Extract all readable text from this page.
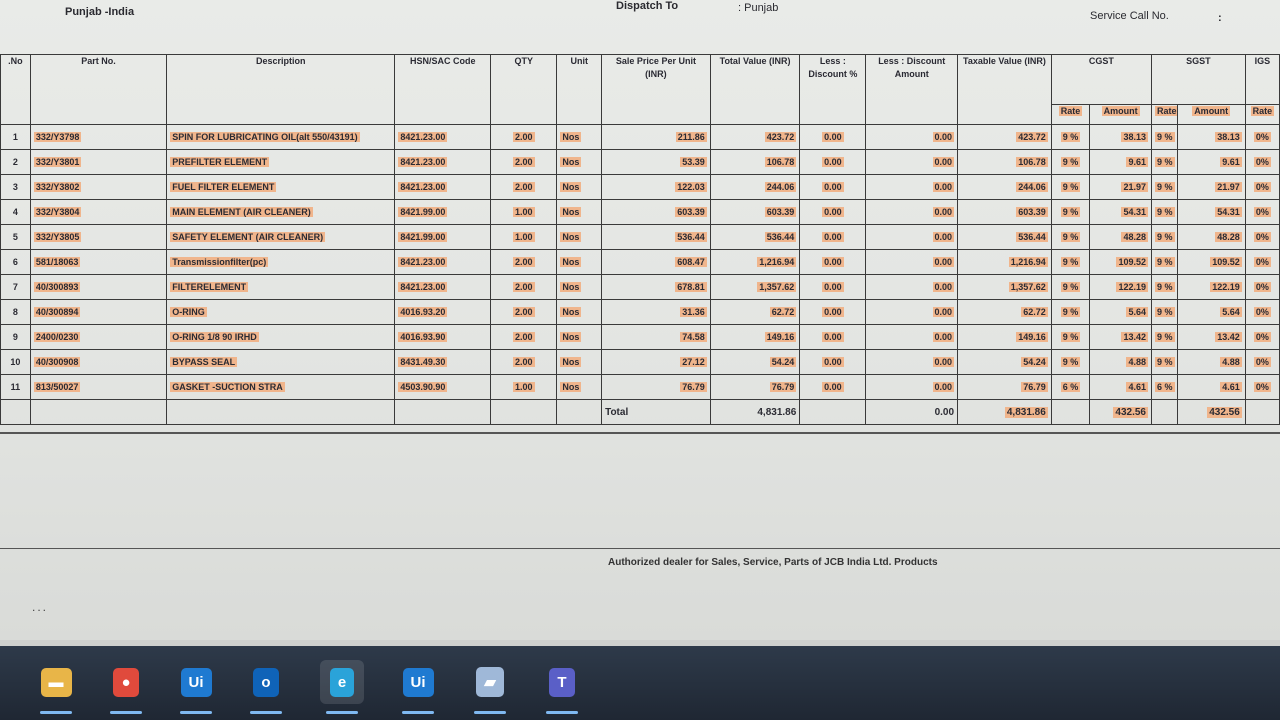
Punjab -India	Dispatch To	: Punjab
Service Call No.	:
.No	Part No.	Description	HSN/SAC Code	QTY	Unit	Sale Price Per Unit (INR)	Total Value (INR)	Less : Discount %	Less : Discount Amount	Taxable Value (INR)	CGST		SGST		IGS
											Rate	Amount	Rate	Amount	Rate
1	332/Y3798	SPIN FOR LUBRICATING OIL(alt 550/43191)	8421.23.00	2.00	Nos	211.86	423.72	0.00	0.00	423.72	9 %	38.13	9 %	38.13	0%
2	332/Y3801	PREFILTER ELEMENT	8421.23.00	2.00	Nos	53.39	106.78	0.00	0.00	106.78	9 %	9.61	9 %	9.61	0%
3	332/Y3802	FUEL FILTER ELEMENT	8421.23.00	2.00	Nos	122.03	244.06	0.00	0.00	244.06	9 %	21.97	9 %	21.97	0%
4	332/Y3804	MAIN ELEMENT (AIR CLEANER)	8421.99.00	1.00	Nos	603.39	603.39	0.00	0.00	603.39	9 %	54.31	9 %	54.31	0%
5	332/Y3805	SAFETY ELEMENT (AIR CLEANER)	8421.99.00	1.00	Nos	536.44	536.44	0.00	0.00	536.44	9 %	48.28	9 %	48.28	0%
6	581/18063	Transmissionfilter(pc)	8421.23.00	2.00	Nos	608.47	1,216.94	0.00	0.00	1,216.94	9 %	109.52	9 %	109.52	0%
7	40/300893	FILTERELEMENT	8421.23.00	2.00	Nos	678.81	1,357.62	0.00	0.00	1,357.62	9 %	122.19	9 %	122.19	0%
8	40/300894	O-RING	4016.93.20	2.00	Nos	31.36	62.72	0.00	0.00	62.72	9 %	5.64	9 %	5.64	0%
9	2400/0230	O-RING 1/8 90 IRHD	4016.93.90	2.00	Nos	74.58	149.16	0.00	0.00	149.16	9 %	13.42	9 %	13.42	0%
10	40/300908	BYPASS SEAL	8431.49.30	2.00	Nos	27.12	54.24	0.00	0.00	54.24	9 %	4.88	9 %	4.88	0%
11	813/50027	GASKET -SUCTION STRA	4503.90.90	1.00	Nos	76.79	76.79	0.00	0.00	76.79	6 %	4.61	6 %	4.61	0%
						Total	4,831.86		0.00	4,831.86		432.56		432.56	
Authorized dealer for Sales, Service, Parts of JCB India Ltd. Products
...
▬	●	Ui	o	e	Ui	▰	T
